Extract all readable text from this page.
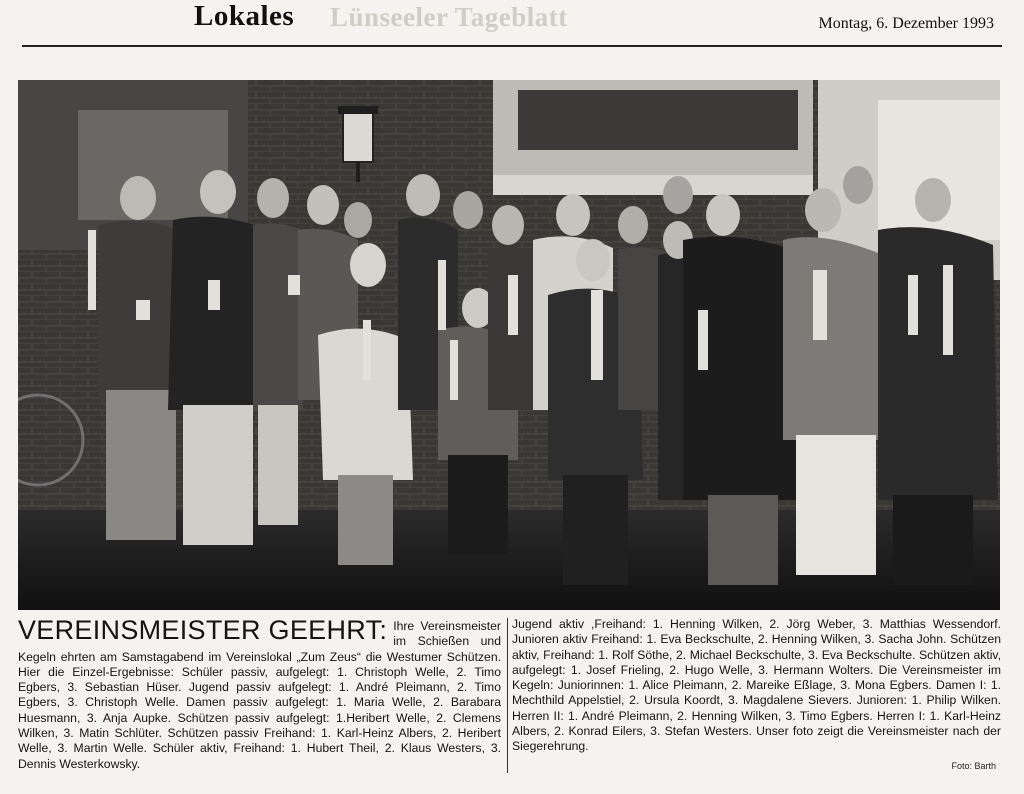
Lünseeler Tageblatt
Lokales	Montag, 6. Dezember 1993
VEREINSMEISTER GEEHRT: Ihre Vereinsmeister im Schießen und Kegeln ehrten am Samstagabend im Vereinslokal „Zum Zeus“ die Westumer Schützen. Hier die Einzel-Ergebnisse: Schüler passiv, aufgelegt: 1. Christoph Welle, 2. Timo Egbers, 3. Sebastian Hüser. Jugend passiv aufgelegt: 1. André Pleimann, 2. Timo Egbers, 3. Christoph Welle. Damen passiv aufgelegt: 1. Maria Welle, 2. Barabara Huesmann, 3. Anja Aupke. Schützen passiv aufgelegt: 1.Heribert Welle, 2. Clemens Wilken, 3. Matin Schlüter. Schützen passiv Freihand: 1. Karl-Heinz Albers, 2. Heribert Welle, 3. Martin Welle. Schüler aktiv, Freihand: 1. Hubert Theil, 2. Klaus Westers, 3. Dennis Westerkowsky.
Jugend aktiv ,Freihand: 1. Henning Wilken, 2. Jörg Weber, 3. Matthias Wessendorf. Junioren aktiv Freihand: 1. Eva Beckschulte, 2. Henning Wilken, 3. Sacha John. Schützen aktiv, Freihand: 1. Rolf Söthe, 2. Michael Beckschulte, 3. Eva Beckschulte. Schützen aktiv, aufgelegt: 1. Josef Frieling, 2. Hugo Welle, 3. Hermann Wolters. Die Vereinsmeister im Kegeln: Juniorinnen: 1. Alice Pleimann, 2. Mareike Eßlage, 3. Mona Egbers. Damen I: 1. Mechthild Appelstiel, 2. Ursula Koordt, 3. Magdalene Sievers. Junioren: 1. Philip Wilken. Herren II: 1. André Pleimann, 2. Henning Wilken, 3. Timo Egbers. Herren I: 1. Karl-Heinz Albers, 2. Konrad Eilers, 3. Stefan Westers. Unser foto zeigt die Vereinsmeister nach der Siegerehrung.
Foto: Barth
